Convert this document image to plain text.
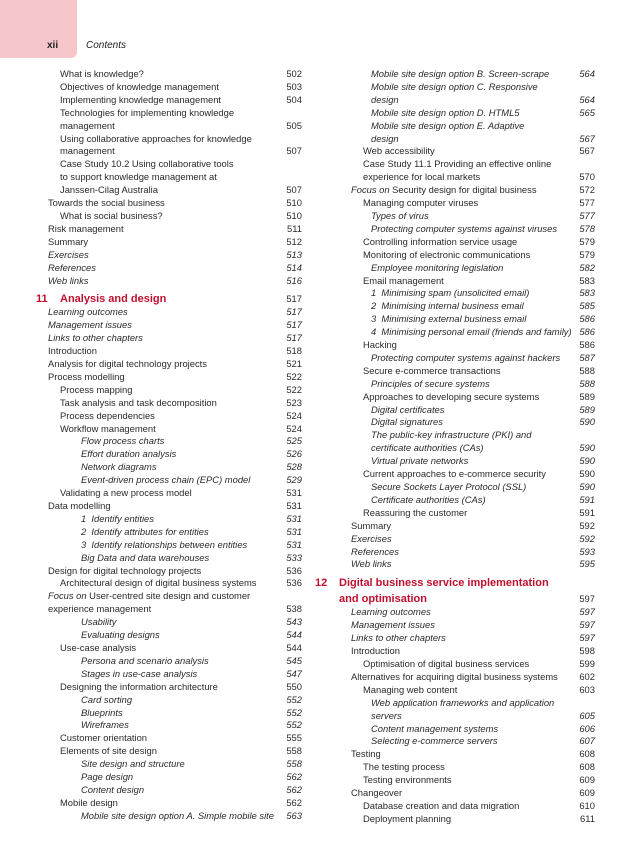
xii	Contents
What is knowledge?	502
Objectives of knowledge management	503
Implementing knowledge management	504
Technologies for implementing knowledge
management	505
Using collaborative approaches for knowledge
management	507
Case Study 10.2 Using collaborative tools
to support knowledge management at
Janssen-Cilag Australia	507
Towards the social business	510
What is social business?	510
Risk management	511
Summary	512
Exercises	513
References	514
Web links	516
11 Analysis and design	517
Learning outcomes	517
Management issues	517
Links to other chapters	517
Introduction	518
Analysis for digital technology projects	521
Process modelling	522
Process mapping	522
Task analysis and task decomposition	523
Process dependencies	524
Workflow management	524
Flow process charts	525
Effort duration analysis	526
Network diagrams	528
Event-driven process chain (EPC) model	529
Validating a new process model	531
Data modelling	531
1  Identify entities	531
2  Identify attributes for entities	531
3  Identify relationships between entities	531
Big Data and data warehouses	533
Design for digital technology projects	536
Architectural design of digital business systems	536
Focus on User-centred site design and customer
experience management	538
Usability	543
Evaluating designs	544
Use-case analysis	544
Persona and scenario analysis	545
Stages in use-case analysis	547
Designing the information architecture	550
Card sorting	552
Blueprints	552
Wireframes	552
Customer orientation	555
Elements of site design	558
Site design and structure	558
Page design	562
Content design	562
Mobile design	562
Mobile site design option A. Simple mobile site	563
Mobile site design option B. Screen-scrape	564
Mobile site design option C. Responsive
design	564
Mobile site design option D. HTML5	565
Mobile site design option E. Adaptive
design	567
Web accessibility	567
Case Study 11.1 Providing an effective online
experience for local markets	570
Focus on Security design for digital business	572
Managing computer viruses	577
Types of virus	577
Protecting computer systems against viruses	578
Controlling information service usage	579
Monitoring of electronic communications	579
Employee monitoring legislation	582
Email management	583
1  Minimising spam (unsolicited email)	583
2  Minimising internal business email	585
3  Minimising external business email	586
4  Minimising personal email (friends and family) 586
Hacking	586
Protecting computer systems against hackers	587
Secure e-commerce transactions	588
Principles of secure systems	588
Approaches to developing secure systems	589
Digital certificates	589
Digital signatures	590
The public-key infrastructure (PKI) and
certificate authorities (CAs)	590
Virtual private networks	590
Current approaches to e-commerce security	590
Secure Sockets Layer Protocol (SSL)	590
Certificate authorities (CAs)	591
Reassuring the customer	591
Summary	592
Exercises	592
References	593
Web links	595
12 Digital business service implementation
and optimisation	597
Learning outcomes	597
Management issues	597
Links to other chapters	597
Introduction	598
Optimisation of digital business services	599
Alternatives for acquiring digital business systems	602
Managing web content	603
Web application frameworks and application
servers	605
Content management systems	606
Selecting e-commerce servers	607
Testing	608
The testing process	608
Testing environments	609
Changeover	609
Database creation and data migration	610
Deployment planning	611
